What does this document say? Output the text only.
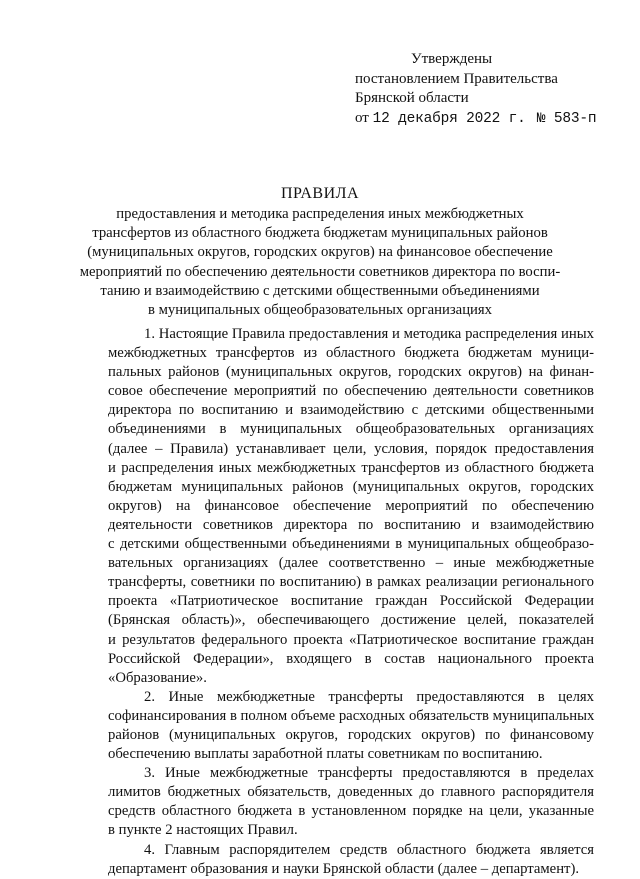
Утверждены
постановлением Правительства
Брянской области
от 12 декабря 2022 г. № 583-п
ПРАВИЛА
предоставления и методика распределения иных межбюджетных
трансфертов из областного бюджета бюджетам муниципальных районов
(муниципальных округов, городских округов) на финансовое обеспечение
мероприятий по обеспечению деятельности советников директора по воспи-
танию и взаимодействию с детскими общественными объединениями
в муниципальных общеобразовательных организациях
1. Настоящие Правила предоставления и методика распределения иных
межбюджетных трансфертов из областного бюджета бюджетам муници-
пальных районов (муниципальных округов, городских округов) на финан-
совое обеспечение мероприятий по обеспечению деятельности советников
директора по воспитанию и взаимодействию с детскими общественными
объединениями в муниципальных общеобразовательных организациях
(далее – Правила) устанавливает цели, условия, порядок предоставления
и распределения иных межбюджетных трансфертов из областного бюджета
бюджетам муниципальных районов (муниципальных округов, городских
округов) на финансовое обеспечение мероприятий по обеспечению
деятельности советников директора по воспитанию и взаимодействию
с детскими общественными объединениями в муниципальных общеобразо-
вательных организациях (далее соответственно – иные межбюджетные
трансферты, советники по воспитанию) в рамках реализации регионального
проекта «Патриотическое воспитание граждан Российской Федерации
(Брянская область)», обеспечивающего достижение целей, показателей
и результатов федерального проекта «Патриотическое воспитание граждан
Российской Федерации», входящего в состав национального проекта
«Образование».
2. Иные межбюджетные трансферты предоставляются в целях
софинансирования в полном объеме расходных обязательств муниципальных
районов (муниципальных округов, городских округов) по финансовому
обеспечению выплаты заработной платы советникам по воспитанию.
3. Иные межбюджетные трансферты предоставляются в пределах
лимитов бюджетных обязательств, доведенных до главного распорядителя
средств областного бюджета в установленном порядке на цели, указанные
в пункте 2 настоящих Правил.
4. Главным распорядителем средств областного бюджета является
департамент образования и науки Брянской области (далее – департамент).
